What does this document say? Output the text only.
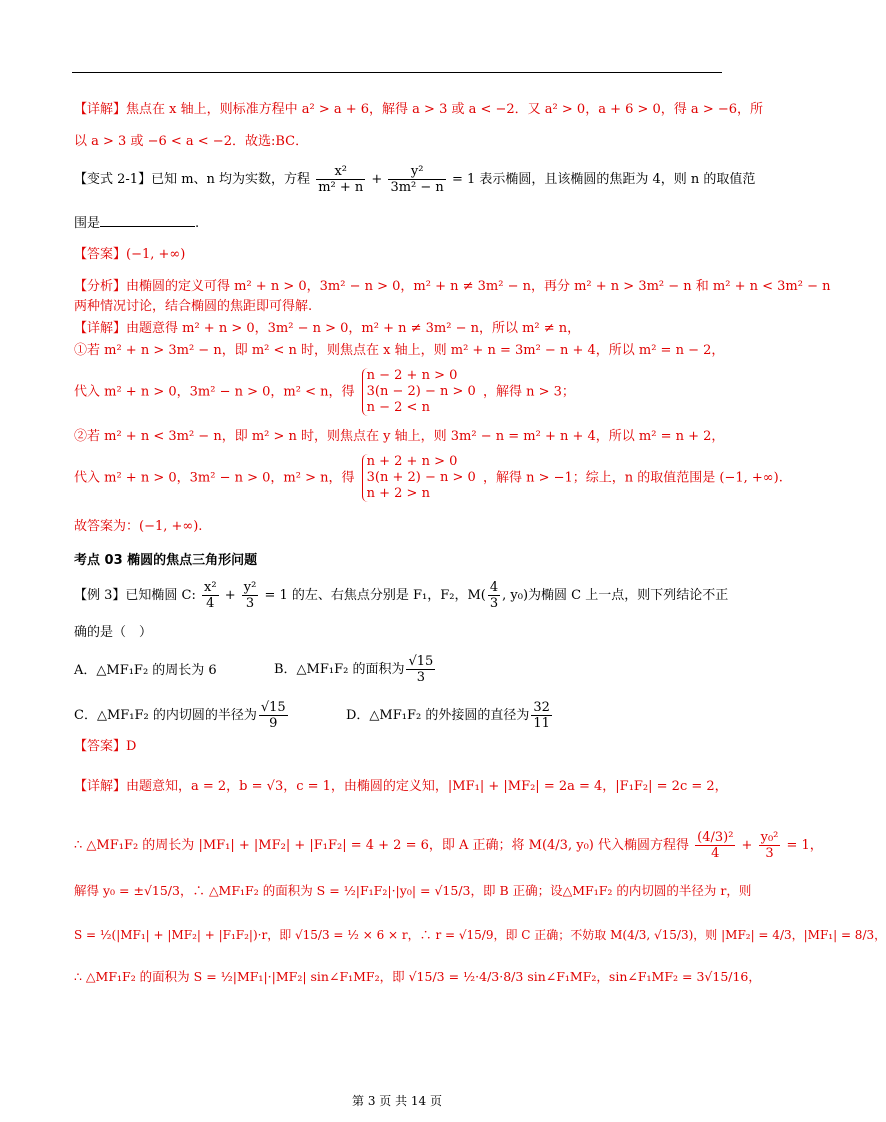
【详解】焦点在 x 轴上，则标准方程中 a² > a + 6，解得 a > 3 或 a < −2．又 a² > 0，a + 6 > 0，得 a > −6，所
以 a > 3 或 −6 < a < −2．故选:BC．
【变式 2-1】已知 m、n 均为实数，方程 $\frac{\text{x²}}{\text{m² + n}} + \frac{\text{y²}}{\text{3m² − n}} = 1$ 表示椭圆，且该椭圆的焦距为 4，则 n 的取值范
围是	.
【答案】(−1, +∞)
【分析】由椭圆的定义可得 m² + n > 0，3m² − n > 0，m² + n ≠ 3m² − n，再分 m² + n > 3m² − n 和 m² + n < 3m² − n
两种情况讨论，结合椭圆的焦距即可得解.
【详解】由题意得 m² + n > 0，3m² − n > 0，m² + n ≠ 3m² − n，所以 m² ≠ n，
①若 m² + n > 3m² − n，即 m² < n 时，则焦点在 x 轴上，则 m² + n = 3m² − n + 4，所以 m² = n − 2，
代入 m² + n > 0，3m² − n > 0，m² < n，得
n − 2 + n > 0
3(n − 2) − n > 0
n − 2 < n
，解得 n > 3；
②若 m² + n < 3m² − n，即 m² > n 时，则焦点在 y 轴上，则 3m² − n = m² + n + 4，所以 m² = n + 2，
代入 m² + n > 0，3m² − n > 0，m² > n，得
n + 2 + n > 0
3(n + 2) − n > 0
n + 2 > n
，解得 n > −1；综上，n 的取值范围是 (−1, +∞).
故答案为：(−1, +∞).
考点 03 椭圆的焦点三角形问题
【例 3】已知椭圆 C: $\frac{\text{x²}}{4} + \frac{\text{y²}}{3} = 1$ 的左、右焦点分别是 F₁，F₂，$M( \frac{4}{3}$ , y₀)为椭圆 C 上一点，则下列结论不正
确的是（　）
A．△MF₁F₂ 的周长为 6	B．△MF₁F₂ 的面积为 $\frac{√15}{3}$
C．△MF₁F₂ 的内切圆的半径为 $\frac{√15}{9}$	D．△MF₁F₂ 的外接圆的直径为 $\frac{32}{11}$
【答案】D
【详解】由题意知，a = 2，b = √3，c = 1，由椭圆的定义知，|MF₁| + |MF₂| = 2a = 4，|F₁F₂| = 2c = 2，
∴ △MF₁F₂ 的周长为 |MF₁| + |MF₂| + |F₁F₂| = 4 + 2 = 6，即 A 正确；将 M(4/3, y₀) 代入椭圆方程得 $\frac{\text{(4/3)²}}{4} + \frac{\text{y₀²}}{3} = 1$，
解得 y₀ = ±√15/3，∴ △MF₁F₂ 的面积为 S = ½|F₁F₂|·|y₀| = √15/3，即 B 正确；设△MF₁F₂ 的内切圆的半径为 r，则
S = ½(|MF₁| + |MF₂| + |F₁F₂|)·r，即 √15/3 = ½ × 6 × r，∴ r = √15/9，即 C 正确；不妨取 M(4/3, √15/3)，则 |MF₂| = 4/3，|MF₁| = 8/3，
∴ △MF₁F₂ 的面积为 S = ½|MF₁|·|MF₂| sin∠F₁MF₂，即 √15/3 = ½·4/3·8/3 sin∠F₁MF₂，sin∠F₁MF₂ = 3√15/16，
第 3 页 共 14 页
